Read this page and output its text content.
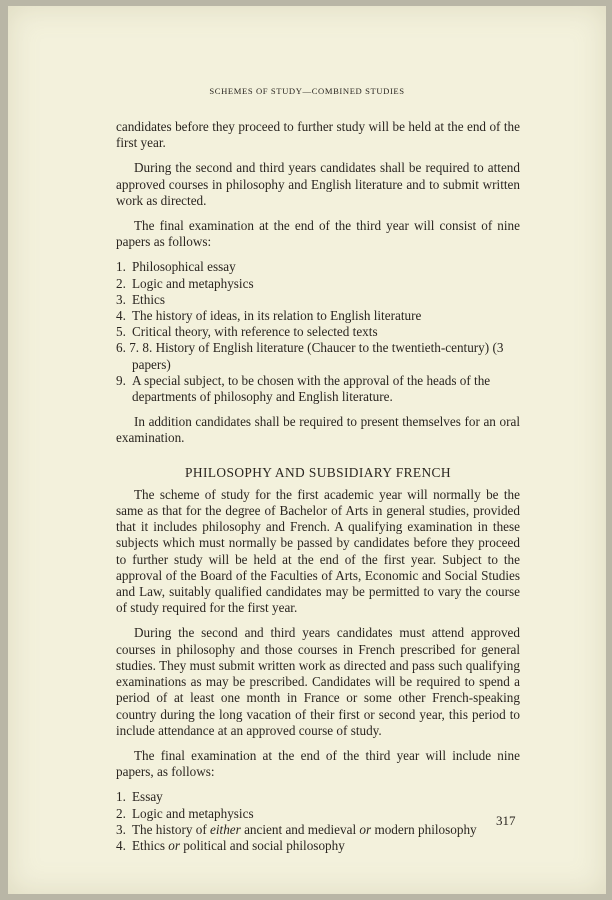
SCHEMES OF STUDY—COMBINED STUDIES

candidates before they proceed to further study will be held at the end of the first year.

During the second and third years candidates shall be required to attend approved courses in philosophy and English literature and to submit written work as directed.

The final examination at the end of the third year will consist of nine papers as follows:

1. Philosophical essay
2. Logic and metaphysics
3. Ethics
4. The history of ideas, in its relation to English literature
5. Critical theory, with reference to selected texts
6. 7. 8. History of English literature (Chaucer to the twentieth-century) (3 papers)
9. A special subject, to be chosen with the approval of the heads of the departments of philosophy and English literature.

In addition candidates shall be required to present themselves for an oral examination.

PHILOSOPHY AND SUBSIDIARY FRENCH

The scheme of study for the first academic year will normally be the same as that for the degree of Bachelor of Arts in general studies, provided that it includes philosophy and French. A qualifying examination in these subjects which must normally be passed by candidates before they proceed to further study will be held at the end of the first year. Subject to the approval of the Board of the Faculties of Arts, Economic and Social Studies and Law, suitably qualified candidates may be permitted to vary the course of study required for the first year.

During the second and third years candidates must attend approved courses in philosophy and those courses in French prescribed for general studies. They must submit written work as directed and pass such qualifying examinations as may be prescribed. Candidates will be required to spend a period of at least one month in France or some other French-speaking country during the long vacation of their first or second year, this period to include attendance at an approved course of study.

The final examination at the end of the third year will include nine papers, as follows:

1. Essay
2. Logic and metaphysics
3. The history of either ancient and medieval or modern philosophy
4. Ethics or political and social philosophy
317
